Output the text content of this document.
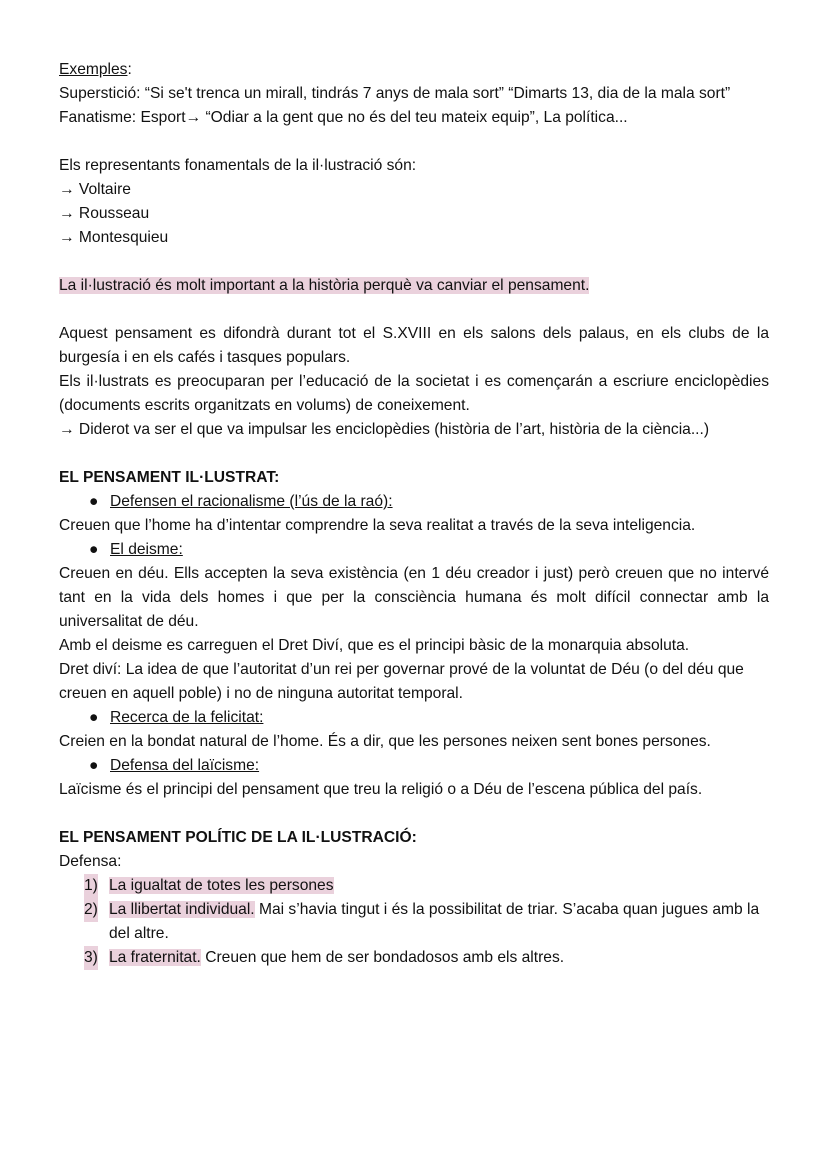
Exemples:

Superstició: “Si se't trenca un mirall, tindrás 7 anys de mala sort” “Dimarts 13, dia de la mala sort”

Fanatisme: Esport→ “Odiar a la gent que no és del teu mateix equip”, La política...

Els representants fonamentals de la il·lustració són:

→ Voltaire

→ Rousseau

→ Montesquieu

La il·lustració és molt important a la història perquè va canviar el pensament.

Aquest pensament es difondrà durant tot el S.XVIII en els salons dels palaus, en els clubs de la burgesía i en els cafés i tasques populars.

Els il·lustrats es preocuparan per l’educació de la societat i es començarán a escriure enciclopèdies (documents escrits organitzats en volums) de coneixement.

→ Diderot va ser el que va impulsar les enciclopèdies (història de l’art, història de la ciència...)

EL PENSAMENT IL·LUSTRAT:

● Defensen el racionalisme (l’ús de la raó):

Creuen que l’home ha d’intentar comprendre la seva realitat a través de la seva inteligencia.

● El deisme:

Creuen en déu. Ells accepten la seva existència (en 1 déu creador i just) però creuen que no intervé tant en la vida dels homes i que per la consciència humana és molt difícil connectar amb la universalitat de déu.

Amb el deisme es carreguen el Dret Diví, que es el principi bàsic de la monarquia absoluta.

Dret diví: La idea de que l’autoritat d’un rei per governar prové de la voluntat de Déu (o del déu que creuen en aquell poble) i no de ninguna autoritat temporal.

● Recerca de la felicitat:

Creien en la bondat natural de l’home. És a dir, que les persones neixen sent bones persones.

● Defensa del laïcisme:

Laïcisme és el principi del pensament que treu la religió o a Déu de l’escena pública del país.

EL PENSAMENT POLÍTIC DE LA IL·LUSTRACIÓ:

Defensa:

1) La igualtat de totes les persones

2) La llibertat individual. Mai s’havia tingut i és la possibilitat de triar. S’acaba quan jugues amb la del altre.

3) La fraternitat. Creuen que hem de ser bondadosos amb els altres.
